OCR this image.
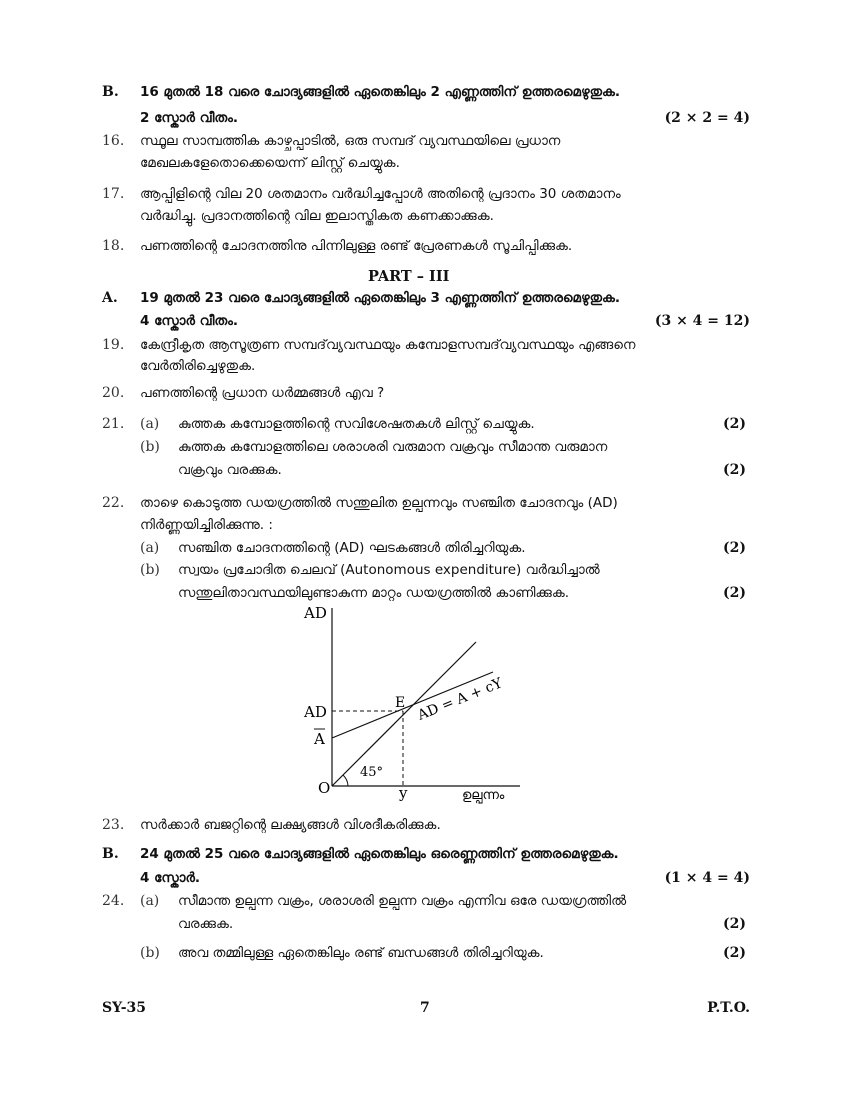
B. 16 മുതൽ 18 വരെ ചോദ്യങ്ങളിൽ ഏതെങ്കിലും 2 എണ്ണത്തിന് ഉത്തരമെഴുതുക.
2 സ്കോർ വീതം.	(2 × 2 = 4)
16. സ്ഥൂല സാമ്പത്തിക കാഴ്ചപ്പാടിൽ, ഒരു സമ്പദ് വ്യവസ്ഥയിലെ പ്രധാന
മേഖലകളേതൊക്കെയെന്ന് ലിസ്റ്റ് ചെയ്യുക.
17. ആപ്പിളിന്റെ വില 20 ശതമാനം വർദ്ധിച്ചപ്പോൾ അതിന്റെ പ്രദാനം 30 ശതമാനം
വർദ്ധിച്ചു. പ്രദാനത്തിന്റെ വില ഇലാസ്തികത കണക്കാക്കുക.
18. പണത്തിന്റെ ചോദനത്തിനു പിന്നിലുള്ള രണ്ട് പ്രേരണകൾ സൂചിപ്പിക്കുക.
PART – III
A. 19 മുതൽ 23 വരെ ചോദ്യങ്ങളിൽ ഏതെങ്കിലും 3 എണ്ണത്തിന് ഉത്തരമെഴുതുക.
4 സ്കോർ വീതം.	(3 × 4 = 12)
19. കേന്ദ്രീകൃത ആസൂത്രണ സമ്പദ്‌വ്യവസ്ഥയും കമ്പോളസമ്പദ്‌വ്യവസ്ഥയും എങ്ങനെ
വേർതിരിച്ചെഴുതുക.
20. പണത്തിന്റെ പ്രധാന ധർമ്മങ്ങൾ എവ ?
21. (a) കുത്തക കമ്പോളത്തിന്റെ സവിശേഷതകൾ ലിസ്റ്റ് ചെയ്യുക.	(2)
(b) കുത്തക കമ്പോളത്തിലെ ശരാശരി വരുമാന വക്രവും സീമാന്ത വരുമാന
വക്രവും വരക്കുക.	(2)
22. താഴെ കൊടുത്ത ഡയഗ്രത്തിൽ സന്തുലിത ഉല്പന്നവും സഞ്ചിത ചോദനവും (AD)
നിർണ്ണയിച്ചിരിക്കുന്നു. :
(a) സഞ്ചിത ചോദനത്തിന്റെ (AD) ഘടകങ്ങൾ തിരിച്ചറിയുക.	(2)
(b) സ്വയം പ്രചോദിത ചെലവ് (Autonomous expenditure) വർദ്ധിച്ചാൽ
സന്തുലിതാവസ്ഥയിലുണ്ടാകുന്ന മാറ്റം ഡയഗ്രത്തിൽ കാണിക്കുക.	(2)
AD
AD
A
O	y
E
45°
AD = A + cY
ഉല്പന്നം
23. സർക്കാർ ബജറ്റിന്റെ ലക്ഷ്യങ്ങൾ വിശദീകരിക്കുക.
B. 24 മുതൽ 25 വരെ ചോദ്യങ്ങളിൽ ഏതെങ്കിലും ഒരെണ്ണത്തിന് ഉത്തരമെഴുതുക.
4 സ്കോർ.	(1 × 4 = 4)
24. (a) സീമാന്ത ഉല്പന്ന വക്രം, ശരാശരി ഉല്പന്ന വക്രം എന്നിവ ഒരേ ഡയഗ്രത്തിൽ
വരക്കുക.	(2)
(b) അവ തമ്മിലുള്ള ഏതെങ്കിലും രണ്ട് ബന്ധങ്ങൾ തിരിച്ചറിയുക.	(2)
SY-35	7	P.T.O.
